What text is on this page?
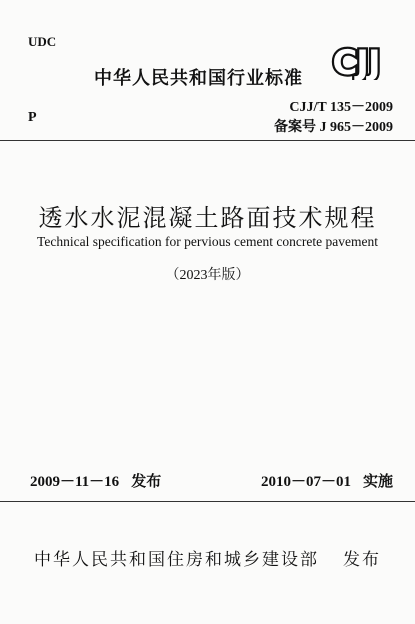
UDC
P
中华人民共和国行业标准 CJJ
CJJ/T 135－2009
备案号 J 965－2009
透水水泥混凝土路面技术规程
Technical specification for pervious cement concrete pavement
（2023年版）
2009－11－16 发布	2010－07－01 实施
中华人民共和国住房和城乡建设部 发布
